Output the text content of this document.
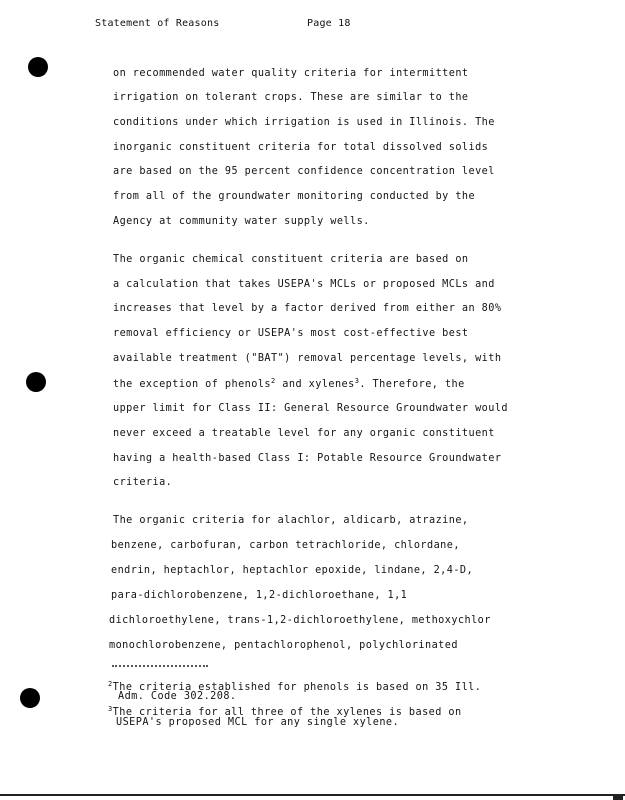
Statement of Reasons	Page 18
on recommended water quality criteria for intermittent
irrigation on tolerant crops. These are similar to the
conditions under which irrigation is used in Illinois. The
inorganic constituent criteria for total dissolved solids
are based on the 95 percent confidence concentration level
from all of the groundwater monitoring conducted by the
Agency at community water supply wells.
The organic chemical constituent criteria are based on
a calculation that takes USEPA's MCLs or proposed MCLs and
increases that level by a factor derived from either an 80%
removal efficiency or USEPA's most cost-effective best
available treatment ("BAT") removal percentage levels, with
the exception of phenols$^2$ and xylenes$^3$. Therefore, the
upper limit for Class II: General Resource Groundwater would
never exceed a treatable level for any organic constituent
having a health-based Class I: Potable Resource Groundwater
criteria.
The organic criteria for alachlor, aldicarb, atrazine,
benzene, carbofuran, carbon tetrachloride, chlordane,
endrin, heptachlor, heptachlor epoxide, lindane, 2,4-D,
para-dichlorobenzene, 1,2-dichloroethane, 1,1
dichloroethylene, trans-1,2-dichloroethylene, methoxychlor
monochlorobenzene, pentachlorophenol, polychlorinated
$^2$The criteria established for phenols is based on 35 Ill.
Adm. Code 302.208.
$^3$The criteria for all three of the xylenes is based on
USEPA's proposed MCL for any single xylene.
